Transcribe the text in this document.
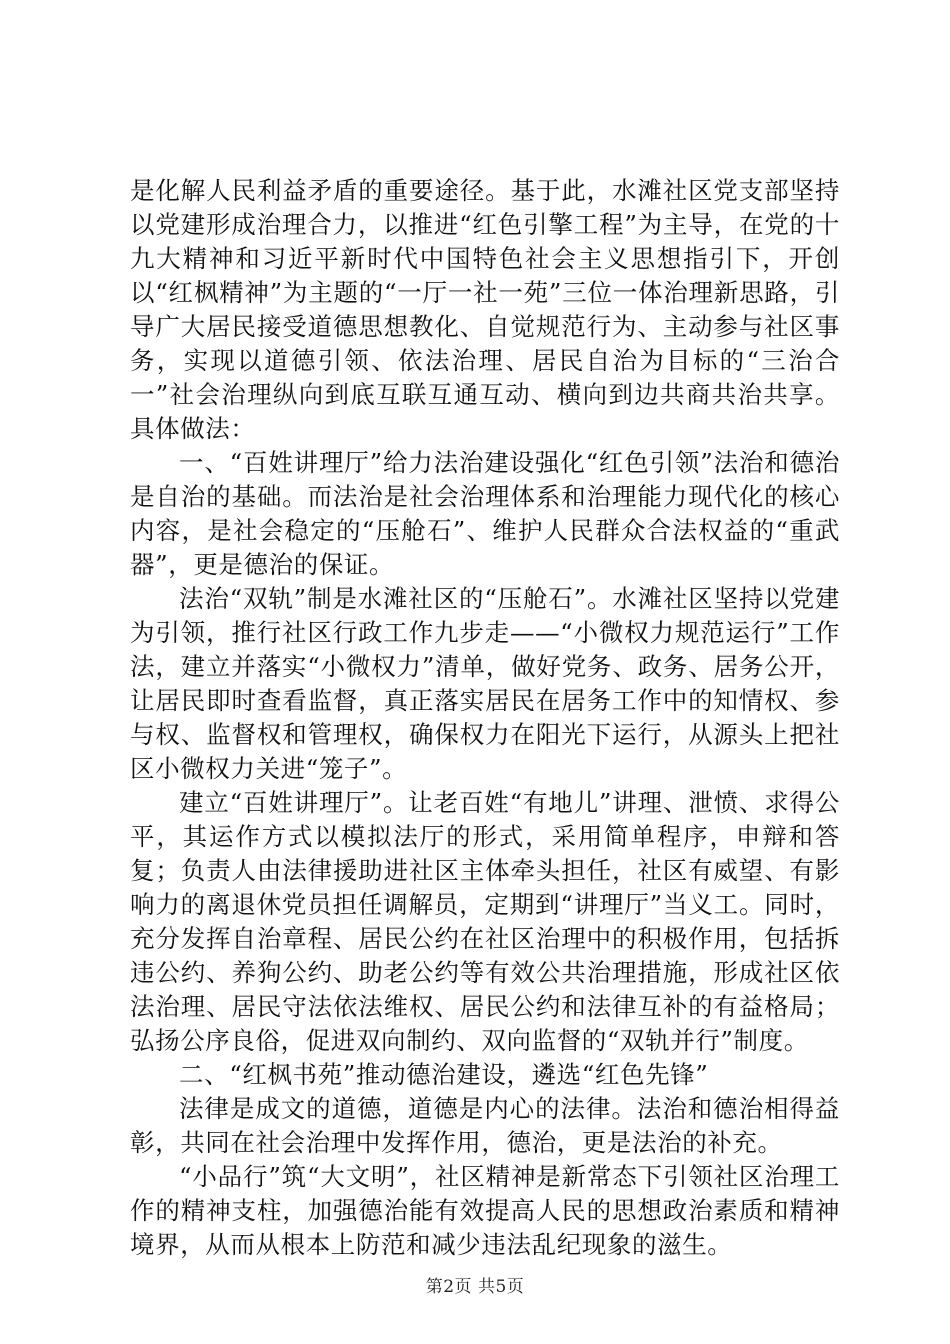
是化解人民利益矛盾的重要途径。基于此，水滩社区党支部坚持以党建形成治理合力，以推进“红色引擎工程”为主导，在党的十九大精神和习近平新时代中国特色社会主义思想指引下，开创以“红枫精神”为主题的“一厅一社一苑”三位一体治理新思路，引导广大居民接受道德思想教化、自觉规范行为、主动参与社区事务，实现以道德引领、依法治理、居民自治为目标的“三治合一”社会治理纵向到底互联互通互动、横向到边共商共治共享。具体做法：

一、“百姓讲理厅”给力法治建设强化“红色引领”法治和德治是自治的基础。而法治是社会治理体系和治理能力现代化的核心内容，是社会稳定的“压舱石”、维护人民群众合法权益的“重武器”，更是德治的保证。

法治“双轨”制是水滩社区的“压舱石”。水滩社区坚持以党建为引领，推行社区行政工作九步走——“小微权力规范运行”工作法，建立并落实“小微权力”清单，做好党务、政务、居务公开，让居民即时查看监督，真正落实居民在居务工作中的知情权、参与权、监督权和管理权，确保权力在阳光下运行，从源头上把社区小微权力关进“笼子”。

建立“百姓讲理厅”。让老百姓“有地儿”讲理、泄愤、求得公平，其运作方式以模拟法厅的形式，采用简单程序，申辩和答复；负责人由法律援助进社区主体牵头担任，社区有威望、有影响力的离退休党员担任调解员，定期到“讲理厅”当义工。同时，充分发挥自治章程、居民公约在社区治理中的积极作用，包括拆违公约、养狗公约、助老公约等有效公共治理措施，形成社区依法治理、居民守法依法维权、居民公约和法律互补的有益格局；弘扬公序良俗，促进双向制约、双向监督的“双轨并行”制度。

二、“红枫书苑”推动德治建设，遴选“红色先锋”

法律是成文的道德，道德是内心的法律。法治和德治相得益彰，共同在社会治理中发挥作用，德治，更是法治的补充。

“小品行”筑“大文明”，社区精神是新常态下引领社区治理工作的精神支柱，加强德治能有效提高人民的思想政治素质和精神境界，从而从根本上防范和减少违法乱纪现象的滋生。

第2页 共5页
